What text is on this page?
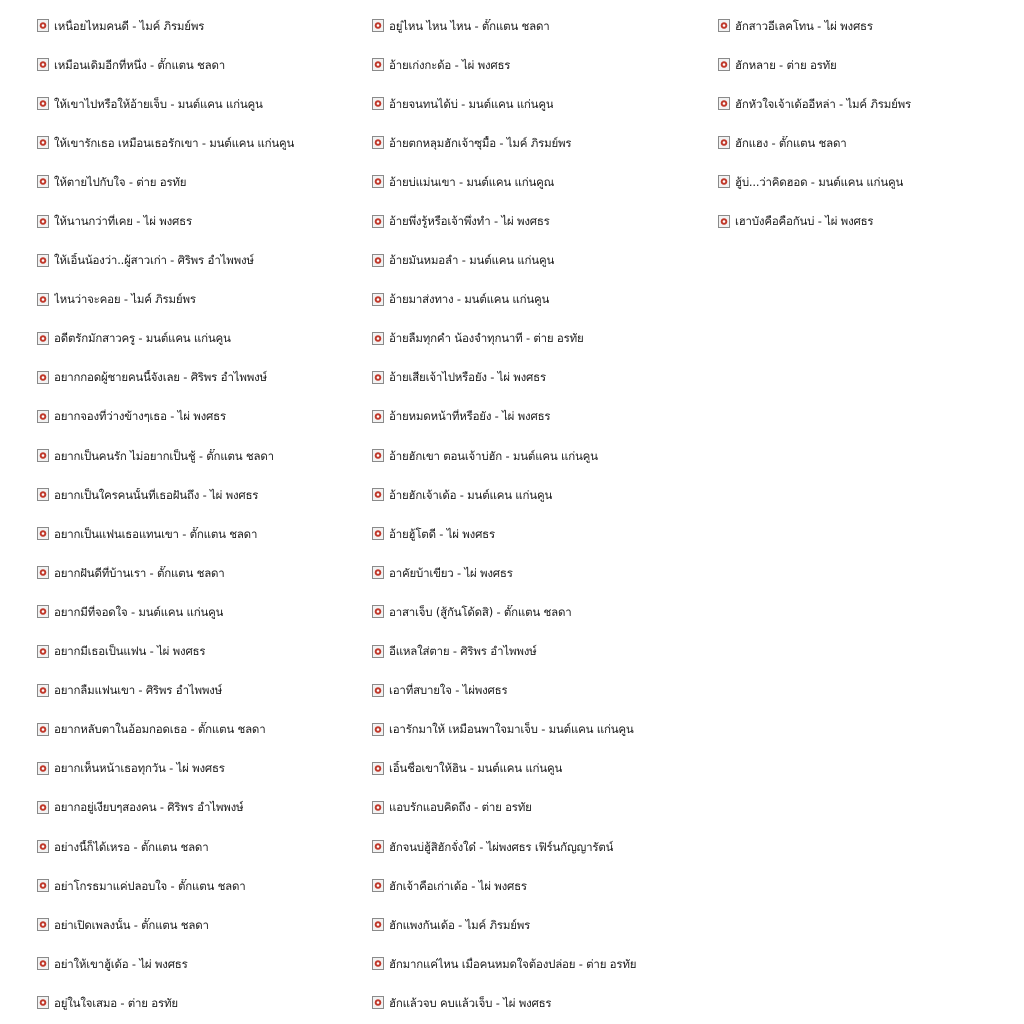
เหนื่อยไหมคนดี - ไมค์ ภิรมย์พร
เหมือนเดิมอีกที่หนึ่ง - ตั๊กแตน ชลดา
ให้เขาไปหรือให้อ้ายเจ็บ - มนต์แคน แก่นคูน
ให้เขารักเธอ เหมือนเธอรักเขา - มนต์แคน แก่นคูน
ให้ตายไปกับใจ - ต่าย อรทัย
ให้นานกว่าที่เคย - ไผ่ พงศธร
ให้เอิ้นน้องว่า..ผู้สาวเก่า - ศิริพร อำไพพงษ์
ไหนว่าจะคอย - ไมค์ ภิรมย์พร
อดีตรักมักสาวครู - มนต์แคน แก่นคูน
อยากกอดผู้ชายคนนี้จังเลย - ศิริพร อำไพพงษ์
อยากจองที่ว่างข้างๆเธอ - ไผ่ พงศธร
อยากเป็นคนรัก ไม่อยากเป็นชู้ - ตั๊กแตน ชลดา
อยากเป็นใครคนนั้นที่เธอฝันถึง - ไผ่ พงศธร
อยากเป็นแฟนเธอแทนเขา - ตั๊กแตน ชลดา
อยากฝันดีที่บ้านเรา - ตั๊กแตน ชลดา
อยากมีที่จอดใจ - มนต์แคน แก่นคูน
อยากมีเธอเป็นแฟน - ไผ่ พงศธร
อยากลืมแฟนเขา - ศิริพร อำไพพงษ์
อยากหลับตาในอ้อมกอดเธอ - ตั๊กแตน ชลดา
อยากเห็นหน้าเธอทุกวัน - ไผ่ พงศธร
อยากอยู่เงียบๆสองคน - ศิริพร อำไพพงษ์
อย่างนี้ก็ได้เหรอ - ตั๊กแตน ชลดา
อย่าโกรธมาแค่ปลอบใจ - ตั๊กแตน ชลดา
อย่าเปิดเพลงนั้น - ตั๊กแตน ชลดา
อย่าให้เขาฮู้เด้อ - ไผ่ พงศธร
อยู่ในใจเสมอ - ต่าย อรทัย
อยู่ไหน ไหน ไหน - ตั๊กแตน ชลดา
อ้ายเก่งกะด้อ - ไผ่ พงศธร
อ้ายจนทนได้บ่ - มนต์แคน แก่นคูน
อ้ายตกหลุมฮักเจ้าซุมื้อ - ไมค์ ภิรมย์พร
อ้ายบ่แม่นเขา - มนต์แคน แก่นคูณ
อ้ายพึ่งรู้หรือเจ้าพึ่งทำ - ไผ่ พงศธร
อ้ายมันหมอลำ - มนต์แคน แก่นคูน
อ้ายมาส่งทาง - มนต์แคน แก่นคูน
อ้ายลืมทุกคำ น้องจำทุกนาที - ต่าย อรทัย
อ้ายเสียเจ้าไปหรือยัง - ไผ่ พงศธร
อ้ายหมดหน้าที่หรือยัง - ไผ่ พงศธร
อ้ายฮักเขา ตอนเจ้าบ่ฮัก - มนต์แคน แก่นคูน
อ้ายฮักเจ้าเด้อ - มนต์แคน แก่นคูน
อ้ายฮู้โตดี - ไผ่ พงศธร
อาคัยบ้าเขียว - ไผ่ พงศธร
อาสาเจ็บ (สู้กันโด้ดสิ) - ตั๊กแตน ชลดา
อีแหลใส่ตาย - ศิริพร อำไพพงษ์
เอาที่สบายใจ - ไผ่พงศธร
เอารักมาให้ เหมือนพาใจมาเจ็บ - มนต์แคน แก่นคูน
เอิ้นชื่อเขาให้ฮิน - มนต์แคน แก่นคูน
แอบรักแอบคิดถึง - ต่าย อรทัย
ฮักจนบ่ฮู้สิฮักจั๋งใด๋ - ไผ่พงศธร เฟิร์นกัญญารัตน์
ฮักเจ้าคือเก่าเด้อ - ไผ่ พงศธร
ฮักแพงกันเด้อ - ไมค์ ภิรมย์พร
ฮักมากแค่ไหน เมื่อคนหมดใจต้องปล่อย - ต่าย อรทัย
ฮักแล้วจบ คบแล้วเจ็บ - ไผ่ พงศธร
ฮักสาวอีเลคโทน - ไผ่ พงศธร
ฮักหลาย - ต่าย อรทัย
ฮักหัวใจเจ้าเด้ออีหล่า - ไมค์ ภิรมย์พร
ฮักแฮง - ตั๊กแตน ชลดา
ฮู้บ่...ว่าคิดฮอด - มนต์แคน แก่นคูน
เฮาบังคือคือกันบ่ - ไผ่ พงศธร
